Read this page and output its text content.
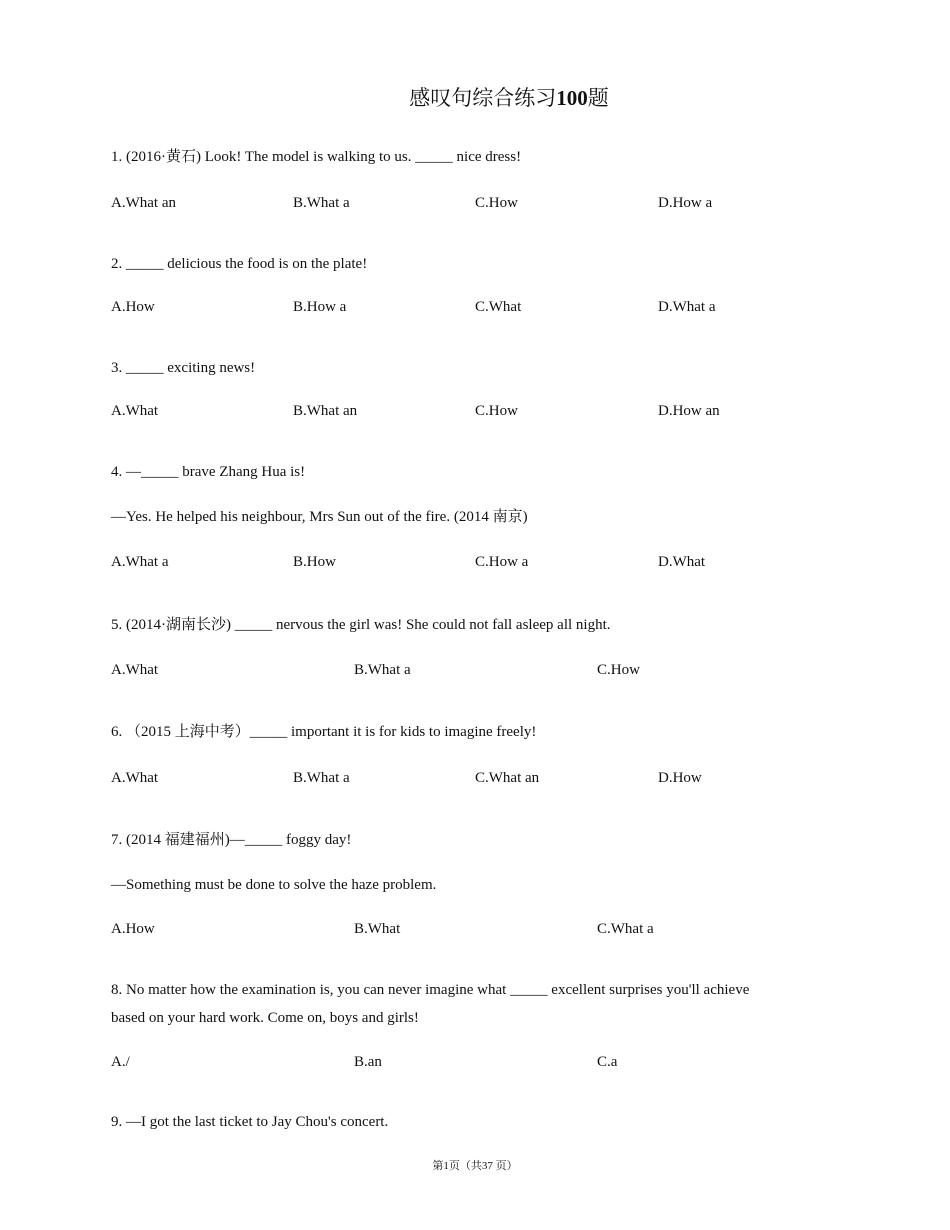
感叹句综合练习100题
1. (2016·黄石) Look! The model is walking to us. _____ nice dress!
A.What an	B.What a	C.How	D.How a
2. _____ delicious the food is on the plate!
A.How	B.How a	C.What	D.What a
3. _____ exciting news!
A.What	B.What an	C.How	D.How an
4. —_____ brave Zhang Hua is!
—Yes. He helped his neighbour, Mrs Sun out of the fire. (2014 南京)
A.What a	B.How	C.How a	D.What
5. (2014·湖南长沙) _____ nervous the girl was! She could not fall asleep all night.
A.What	B.What a	C.How
6. （2015 上海中考）_____ important it is for kids to imagine freely!
A.What	B.What a	C.What an	D.How
7. (2014 福建福州)—_____ foggy day!
—Something must be done to solve the haze problem.
A.How	B.What	C.What a
8. No matter how the examination is, you can never imagine what _____ excellent surprises you'll achieve
based on your hard work. Come on, boys and girls!
A./	B.an	C.a
9. —I got the last ticket to Jay Chou's concert.
第1页（共37 页）
